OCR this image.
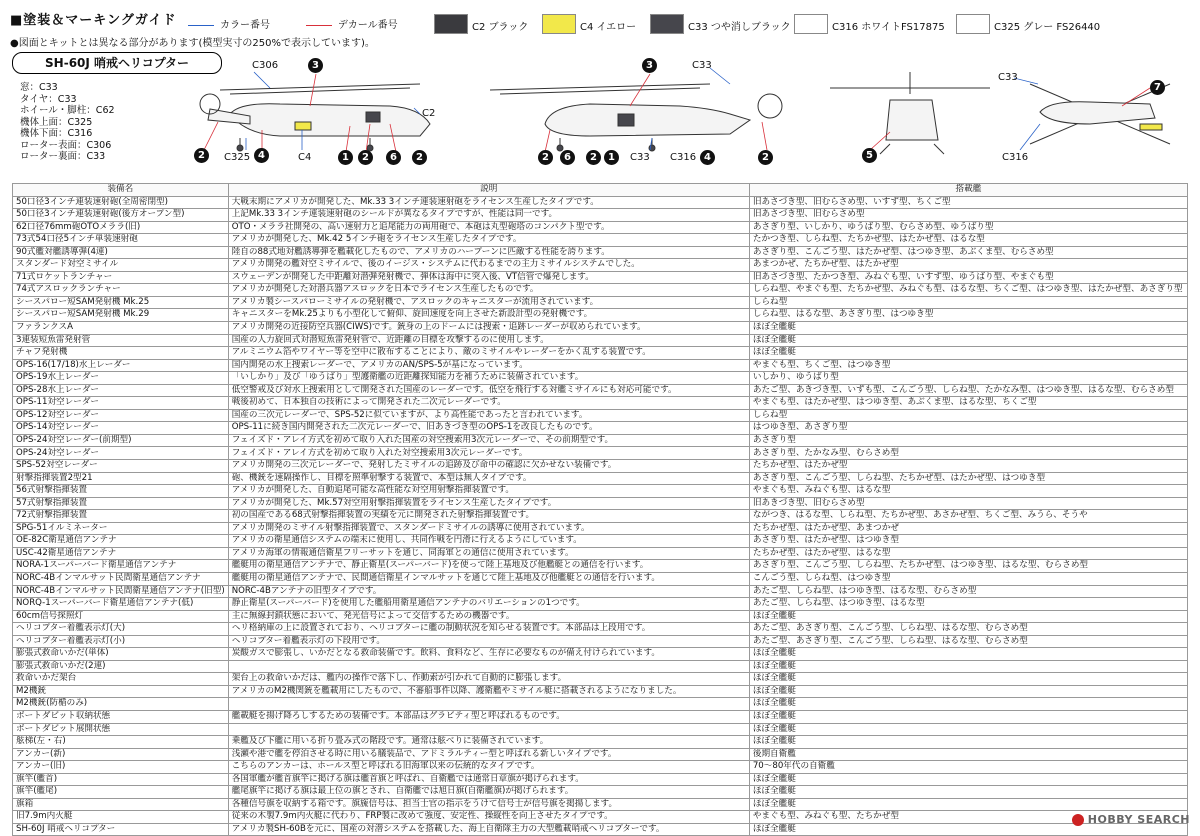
■塗装＆マーキングガイド	カラー番号	デカール番号	C2 ブラック	C4 イエロー	C33 つや消しブラック	C316 ホワイトFS17875	C325 グレー FS26440
●図面とキットとは異なる部分があります(模型実寸の250%で表示しています)。
SH-60J 哨戒ヘリコプター
窓：C33
タイヤ：C33
ホイール・脚柱：C62
機体上面：C325
機体下面：C316
ローター表面：C306
ローター裏面：C33
C306
C2
C325	C4
C33
C33 C316
C33
C316
2	4
3
1	2	6	2
3
2	6	2	1	4	2	5
7
装備名	説明	搭載艦
50口径3インチ連装速射砲(全周密閉型)	大戦末期にアメリカが開発した、Mk.33 3インチ連装速射砲をライセンス生産したタイプです。	旧あさづき型、旧むらさめ型、いすず型、ちくご型
50口径3インチ連装速射砲(後方オープン型)	上記Mk.33 3インチ連装速射砲のシールドが異なるタイプですが、性能は同一です。	旧あさづき型、旧むらさめ型
62口径76mm砲OTOメララ(旧)	OTO・メララ社開発の、高い速射力と追尾能力の両用砲で、本砲は丸型砲塔のコンパクト型です。	あさぎり型、いしかり、ゆうばり型、むらさめ型、ゆうばり型
73式54口径5インチ単装速射砲	アメリカが開発した、Mk.42 5インチ砲をライセンス生産したタイプです。	たかつき型、しらね型、たちかぜ型、はたかぜ型、はるな型
90式艦対艦誘導弾(4連)	陸自の88式地対艦誘導弾を艦載化したもので、アメリカのハープーンに匹敵する性能を誇ります。	あさぎり型、こんごう型、はたかぜ型、はつゆき型、あぶくま型、むらさめ型
スタンダード対空ミサイル	アメリカ開発の艦対空ミサイルで、後のイージス・システムに代わるまでの主力ミサイルシステムでした。	あまつかぜ、たちかぜ型、はたかぜ型
71式ロケットランチャー	スウェーデンが開発した中距離対潜弾発射機で、弾体は海中に突入後、VT信管で爆発します。	旧あさづき型、たかつき型、みねぐも型、いすず型、ゆうばり型、やまぐも型
74式アスロックランチャー	アメリカが開発した対潜兵器アスロックを日本でライセンス生産したものです。	しらね型、やまぐも型、たちかぜ型、みねぐも型、はるな型、ちくご型、はつゆき型、はたかぜ型、あさぎり型
シースパロー短SAM発射機 Mk.25	アメリカ製シースパローミサイルの発射機で、アスロックのキャニスターが流用されています。	しらね型
シースパロー短SAM発射機 Mk.29	キャニスターをMk.25よりも小型化して俯仰、旋回速度を向上させた新設計型の発射機です。	しらね型、はるな型、あさぎり型、はつゆき型
ファランクスA	アメリカ開発の近接防空兵器(CIWS)です。銃身の上のドームには捜索・追跡レーダーが収められています。	ほぼ全艦艇
3連装短魚雷発射管	国産の人力旋回式対潜短魚雷発射管で、近距離の目標を攻撃するのに使用します。	ほぼ全艦艇
チャフ発射機	アルミニウム箔やワイヤー等を空中に散布することにより、敵のミサイルやレーダーをかく乱する装置です。	ほぼ全艦艇
OPS-16(17/18)水上レーダー	国内開発の水上捜索レーダーで、アメリカのAN/SPS-5が基になっています。	やまぐも型、ちくご型、はつゆき型
OPS-19水上レーダー	「いしかり」及び「ゆうばり」型護衛艦の近距離探知能力を補うために装備されています。	いしかり、ゆうばり型
OPS-28水上レーダー	低空警戒及び対水上捜索用として開発された国産のレーダーです。低空を飛行する対艦ミサイルにも対応可能です。	あたご型、あきづき型、いずも型、こんごう型、しらね型、たかなみ型、はつゆき型、はるな型、むらさめ型
OPS-11対空レーダー	戦後初めて、日本独自の技術によって開発された二次元レーダーです。	やまぐも型、はたかぜ型、はつゆき型、あぶくま型、はるな型、ちくご型
OPS-12対空レーダー	国産の三次元レーダーで、SPS-52に似ていますが、より高性能であったと言われています。	しらね型
OPS-14対空レーダー	OPS-11に続き国内開発された二次元レーダーで、旧あきづき型のOPS-1を改良したものです。	はつゆき型、あさぎり型
OPS-24対空レーダー(前期型)	フェイズド・アレイ方式を初めて取り入れた国産の対空捜索用3次元レーダーで、その前期型です。	あさぎり型
OPS-24対空レーダー	フェイズド・アレイ方式を初めて取り入れた対空捜索用3次元レーダーです。	あさぎり型、たかなみ型、むらさめ型
SPS-52対空レーダー	アメリカ開発の三次元レーダーで、発射したミサイルの追跡及び命中の確認に欠かせない装備です。	たちかぜ型、はたかぜ型
射撃指揮装置2型21	砲、機銃を速隔操作し、目標を照準射撃する装置で、本型は無人タイプです。	あさぎり型、こんごう型、しらね型、たちかぜ型、はたかぜ型、はつゆき型
56式射撃指揮装置	アメリカが開発した、自動追尾可能な高性能な対空用射撃指揮装置です。	やまぐも型、みねぐも型、はるな型
57式射撃指揮装置	アメリカが開発した、Mk.57対空用射撃指揮装置をライセンス生産したタイプです。	旧あきづき型、旧むらさめ型
72式射撃指揮装置	初の国産である68式射撃指揮装置の実績を元に開発された射撃指揮装置です。	ながつき、はるな型、しらね型、たちかぜ型、あさかぜ型、ちくご型、みうら、そうや
SPG-51イルミネーター	アメリカ開発のミサイル射撃指揮装置で、スタンダードミサイルの誘導に使用されています。	たちかぜ型、はたかぜ型、あまつかぜ
OE-82C衛星通信アンテナ	アメリカの衛星通信システムの端末に使用し、共同作戦を円滑に行えるようにしています。	あさぎり型、はたかぜ型、はつゆき型
USC-42衛星通信アンテナ	アメリカ海軍の情報通信衛星フリーサットを通じ、同海軍との通信に使用されています。	たちかぜ型、はたかぜ型、はるな型
NORA-1スーパーバード衛星通信アンテナ	艦艇用の衛星通信アンテナで、静止衛星(スーパーバード)を使って陸上基地及び他艦艇との通信を行います。	あさぎり型、こんごう型、しらね型、たちかぜ型、はつゆき型、はるな型、むらさめ型
NORC-4Bインマルサット民間衛星通信アンテナ	艦艇用の衛星通信アンテナで、民間通信衛星インマルサットを通じて陸上基地及び他艦艇との通信を行います。	こんごう型、しらね型、はつゆき型
NORC-4Bインマルサット民間衛星通信アンテナ(旧型)	NORC-4Bアンテナの旧型タイプです。	あたご型、しらね型、はつゆき型、はるな型、むらさめ型
NORQ-1スーパーバード衛星通信アンテナ(低)	静止衛星(スーパーバード)を使用した艦船用衛星通信アンテナのバリエーションの1つです。	あたご型、しらね型、はつゆき型、はるな型
60cm信号探照灯	主に無線封鎖状態において、発光信号によって交信するための機器です。	ほぼ全艦艇
ヘリコプター着艦表示灯(大)	ヘリ格納庫の上に設置されており、ヘリコプターに艦の制動状況を知らせる装置です。本部品は上段用です。	あたご型、あさぎり型、こんごう型、しらね型、はるな型、むらさめ型
ヘリコプター着艦表示灯(小)	ヘリコプター着艦表示灯の下段用です。	あたご型、あさぎり型、こんごう型、しらね型、はるな型、むらさめ型
膨張式救命いかだ(単体)	炭酸ガスで膨張し、いかだとなる救命装備です。飲料、食料など、生存に必要なものが備え付けられています。	ほぼ全艦艇
膨張式救命いかだ(2連)		ほぼ全艦艇
救命いかだ架台	架台上の救命いかだは、艦内の操作で落下し、作動索が引かれて自動的に膨張します。	ほぼ全艦艇
M2機銃	アメリカのM2機関銃を艦載用にしたもので、不審船事件以降、護衛艦やミサイル艇に搭載されるようになりました。	ほぼ全艦艇
M2機銃(防楯のみ)		ほぼ全艦艇
ボートダビット収納状態	艦載艇を揚げ降ろしするための装備です。本部品はグラビティ型と呼ばれるものです。	ほぼ全艦艇
ボートダビット展開状態		ほぼ全艦艇
舷梯(左・右)	乗艦及び下艦に用いる折り畳み式の階段です。通常は舷べりに装備されています。	ほぼ全艦艇
アンカー(新)	浅瀬や港で艦を停泊させる時に用いる艤装品で、アドミラルティー型と呼ばれる新しいタイプです。	後期自衛艦
アンカー(旧)	こちらのアンカーは、ホールス型と呼ばれる旧海軍以来の伝統的なタイプです。	70〜80年代の自衛艦
旗竿(艦首)	各国軍艦が艦首旗竿に掲げる旗は艦首旗と呼ばれ、自衛艦では通常日章旗が掲げられます。	ほぼ全艦艇
旗竿(艦尾)	艦尾旗竿に掲げる旗は最上位の旗とされ、自衛艦では旭日旗(自衛艦旗)が掲げられます。	ほぼ全艦艇
旗箱	各種信号旗を収納する箱です。旗旒信号は、担当士官の指示をうけて信号士が信号旗を掲揚します。	ほぼ全艦艇
旧7.9m内火艇	従来の木製7.9m内火艇に代わり、FRP製に改めて強度、安定性、操縦性を向上させたタイプです。	やまぐも型、みねぐも型、たちかぜ型
SH-60J 哨戒ヘリコプター	アメリカ製SH-60Bを元に、国産の対潜システムを搭載した、海上自衛隊主力の大型艦載哨戒ヘリコプターです。	ほぼ全艦艇
HOBBY SEARCH
